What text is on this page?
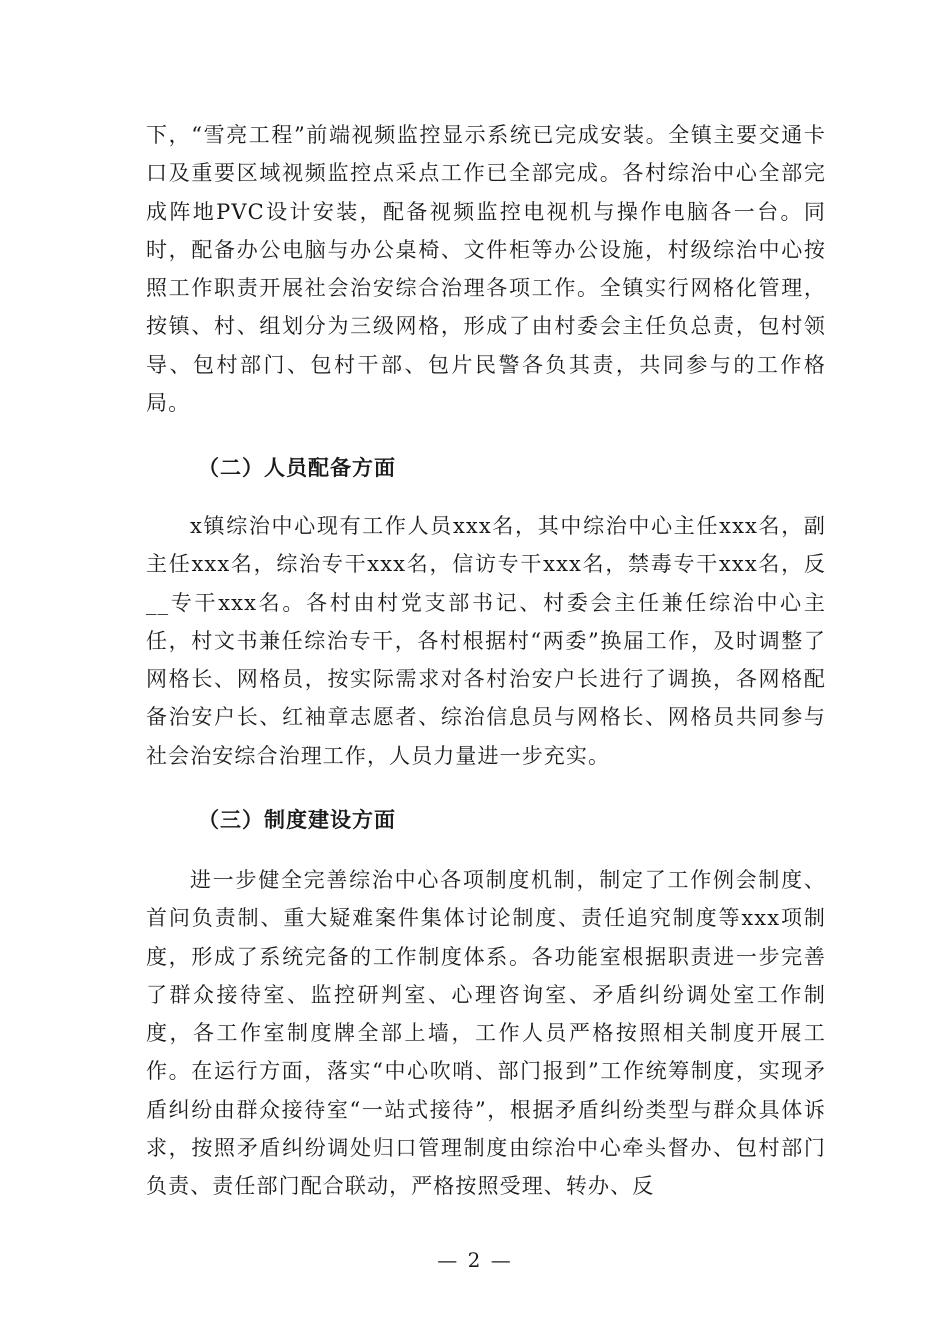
下，“雪亮工程”前端视频监控显示系统已完成安装。全镇主要交通卡口及重要区域视频监控点采点工作已全部完成。各村综治中心全部完成阵地PVC设计安装，配备视频监控电视机与操作电脑各一台。同时，配备办公电脑与办公桌椅、文件柜等办公设施，村级综治中心按照工作职责开展社会治安综合治理各项工作。全镇实行网格化管理，按镇、村、组划分为三级网格，形成了由村委会主任负总责，包村领导、包村部门、包村干部、包片民警各负其责，共同参与的工作格局。

（二）人员配备方面

x镇综治中心现有工作人员xxx名，其中综治中心主任xxx名，副主任xxx名，综治专干xxx名，信访专干xxx名，禁毒专干xxx名，反__专干xxx名。各村由村党支部书记、村委会主任兼任综治中心主任，村文书兼任综治专干，各村根据村“两委”换届工作，及时调整了网格长、网格员，按实际需求对各村治安户长进行了调换，各网格配备治安户长、红袖章志愿者、综治信息员与网格长、网格员共同参与社会治安综合治理工作，人员力量进一步充实。

（三）制度建设方面

进一步健全完善综治中心各项制度机制，制定了工作例会制度、首问负责制、重大疑难案件集体讨论制度、责任追究制度等xxx项制度，形成了系统完备的工作制度体系。各功能室根据职责进一步完善了群众接待室、监控研判室、心理咨询室、矛盾纠纷调处室工作制度，各工作室制度牌全部上墙，工作人员严格按照相关制度开展工作。在运行方面，落实“中心吹哨、部门报到”工作统筹制度，实现矛盾纠纷由群众接待室“一站式接待”，根据矛盾纠纷类型与群众具体诉求，按照矛盾纠纷调处归口管理制度由综治中心牵头督办、包村部门负责、责任部门配合联动，严格按照受理、转办、反

— 2 —
